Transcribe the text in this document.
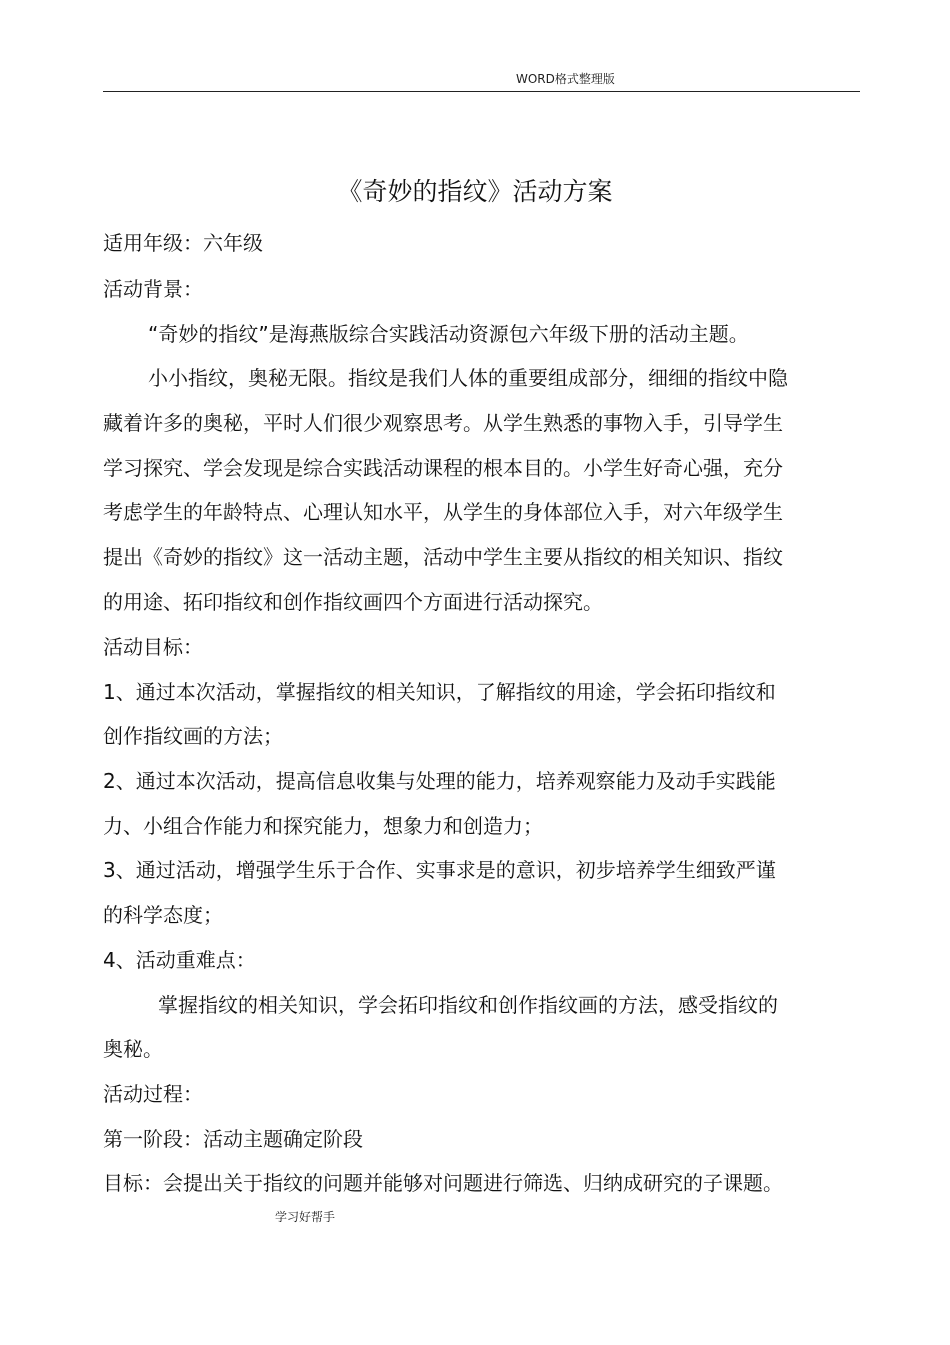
WORD格式整理版
《奇妙的指纹》活动方案
适用年级：六年级
活动背景：
“奇妙的指纹”是海燕版综合实践活动资源包六年级下册的活动主题。
小小指纹，奥秘无限。指纹是我们人体的重要组成部分，细细的指纹中隐
藏着许多的奥秘，平时人们很少观察思考。从学生熟悉的事物入手，引导学生
学习探究、学会发现是综合实践活动课程的根本目的。小学生好奇心强，充分
考虑学生的年龄特点、心理认知水平，从学生的身体部位入手，对六年级学生
提出《奇妙的指纹》这一活动主题，活动中学生主要从指纹的相关知识、指纹
的用途、拓印指纹和创作指纹画四个方面进行活动探究。
活动目标：
1、通过本次活动，掌握指纹的相关知识，了解指纹的用途，学会拓印指纹和
创作指纹画的方法；
2、通过本次活动，提高信息收集与处理的能力，培养观察能力及动手实践能
力、小组合作能力和探究能力，想象力和创造力；
3、通过活动，增强学生乐于合作、实事求是的意识，初步培养学生细致严谨
的科学态度；
4、活动重难点：
掌握指纹的相关知识，学会拓印指纹和创作指纹画的方法，感受指纹的
奥秘。
活动过程：
第一阶段：活动主题确定阶段
目标：会提出关于指纹的问题并能够对问题进行筛选、归纳成研究的子课题。
学习好帮手
